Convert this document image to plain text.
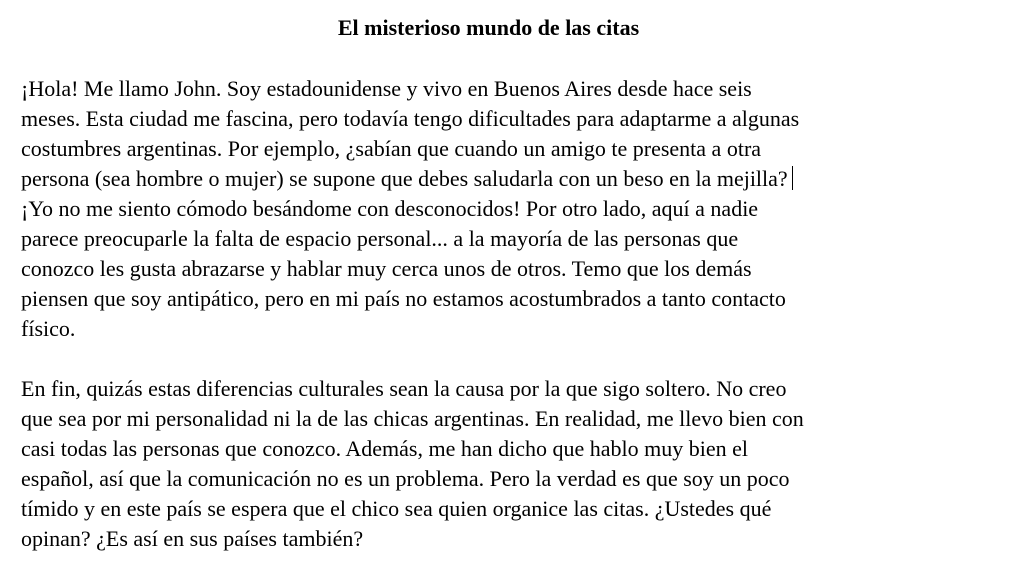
El misterioso mundo de las citas
¡Hola! Me llamo John. Soy estadounidense y vivo en Buenos Aires desde hace seis
meses. Esta ciudad me fascina, pero todavía tengo dificultades para adaptarme a algunas
costumbres argentinas. Por ejemplo, ¿sabían que cuando un amigo te presenta a otra
persona (sea hombre o mujer) se supone que debes saludarla con un beso en la mejilla?
¡Yo no me siento cómodo besándome con desconocidos! Por otro lado, aquí a nadie
parece preocuparle la falta de espacio personal... a la mayoría de las personas que
conozco les gusta abrazarse y hablar muy cerca unos de otros. Temo que los demás
piensen que soy antipático, pero en mi país no estamos acostumbrados a tanto contacto
físico.
En fin, quizás estas diferencias culturales sean la causa por la que sigo soltero. No creo
que sea por mi personalidad ni la de las chicas argentinas. En realidad, me llevo bien con
casi todas las personas que conozco. Además, me han dicho que hablo muy bien el
español, así que la comunicación no es un problema. Pero la verdad es que soy un poco
tímido y en este país se espera que el chico sea quien organice las citas. ¿Ustedes qué
opinan? ¿Es así en sus países también?
